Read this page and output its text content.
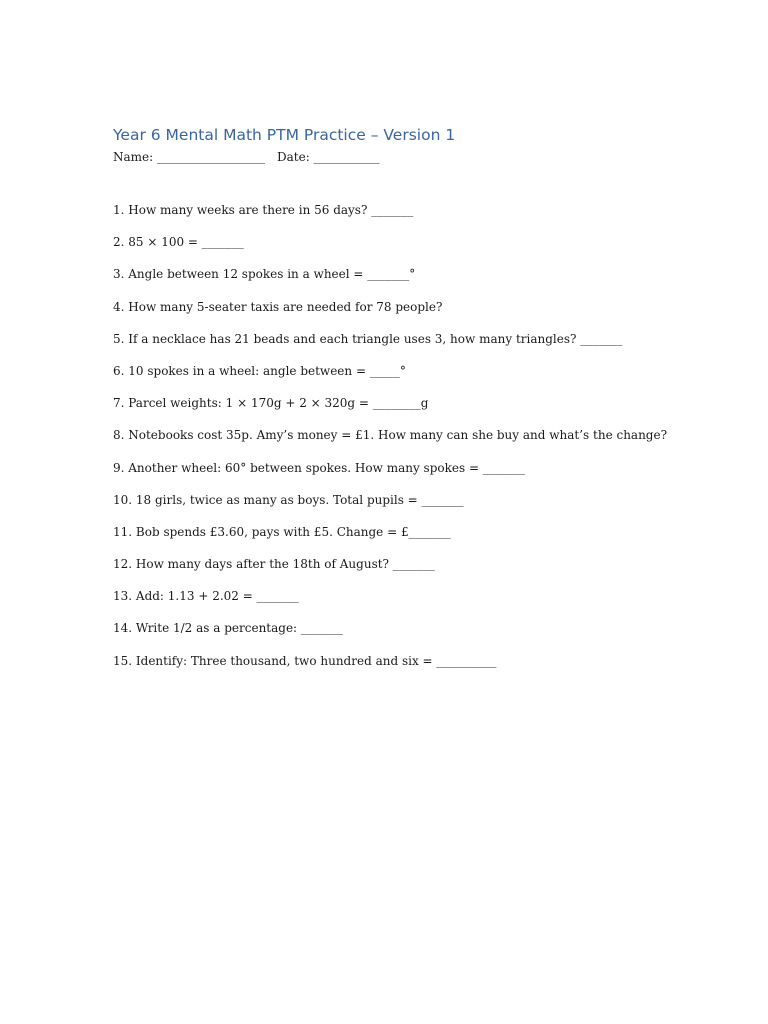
Year 6 Mental Math PTM Practice – Version 1
Name: __________________ Date: ___________
1. How many weeks are there in 56 days? _______
2. 85 × 100 = _______
3. Angle between 12 spokes in a wheel = _______°
4. How many 5-seater taxis are needed for 78 people?
5. If a necklace has 21 beads and each triangle uses 3, how many triangles? _______
6. 10 spokes in a wheel: angle between = _____°
7. Parcel weights: 1 × 170g + 2 × 320g = ________g
8. Notebooks cost 35p. Amy’s money = £1. How many can she buy and what’s the change?
9. Another wheel: 60° between spokes. How many spokes = _______
10. 18 girls, twice as many as boys. Total pupils = _______
11. Bob spends £3.60, pays with £5. Change = £_______
12. How many days after the 18th of August? _______
13. Add: 1.13 + 2.02 = _______
14. Write 1/2 as a percentage: _______
15. Identify: Three thousand, two hundred and six = __________
